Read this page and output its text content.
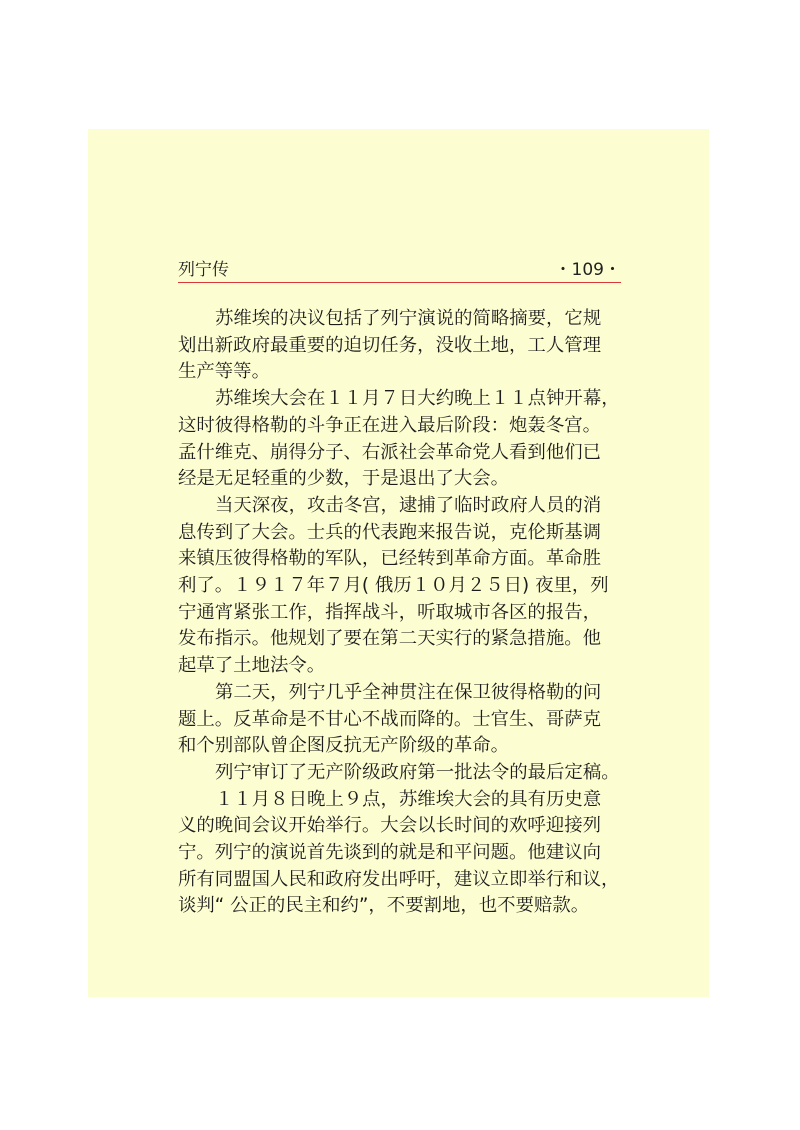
列宁传	・109・

苏维埃的决议包括了列宁演说的简略摘要，它规
划出新政府最重要的迫切任务，没收土地，工人管理
生产等等。

苏维埃大会在１１月７日大约晚上１１点钟开幕，
这时彼得格勒的斗争正在进入最后阶段：炮轰冬宫。
孟什维克、崩得分子、右派社会革命党人看到他们已
经是无足轻重的少数，于是退出了大会。

当天深夜，攻击冬宫，逮捕了临时政府人员的消
息传到了大会。士兵的代表跑来报告说，克伦斯基调
来镇压彼得格勒的军队，已经转到革命方面。革命胜
利了。１９１７年７月( 俄历１０月２５日) 夜里，列
宁通宵紧张工作，指挥战斗，听取城市各区的报告，
发布指示。他规划了要在第二天实行的紧急措施。他
起草了土地法令。

第二天，列宁几乎全神贯注在保卫彼得格勒的问
题上。反革命是不甘心不战而降的。士官生、哥萨克
和个别部队曾企图反抗无产阶级的革命。

列宁审订了无产阶级政府第一批法令的最后定稿。

１１月８日晚上９点，苏维埃大会的具有历史意
义的晚间会议开始举行。大会以长时间的欢呼迎接列
宁。列宁的演说首先谈到的就是和平问题。他建议向
所有同盟国人民和政府发出呼吁，建议立即举行和议，
谈判“ 公正的民主和约”，不要割地，也不要赔款。
